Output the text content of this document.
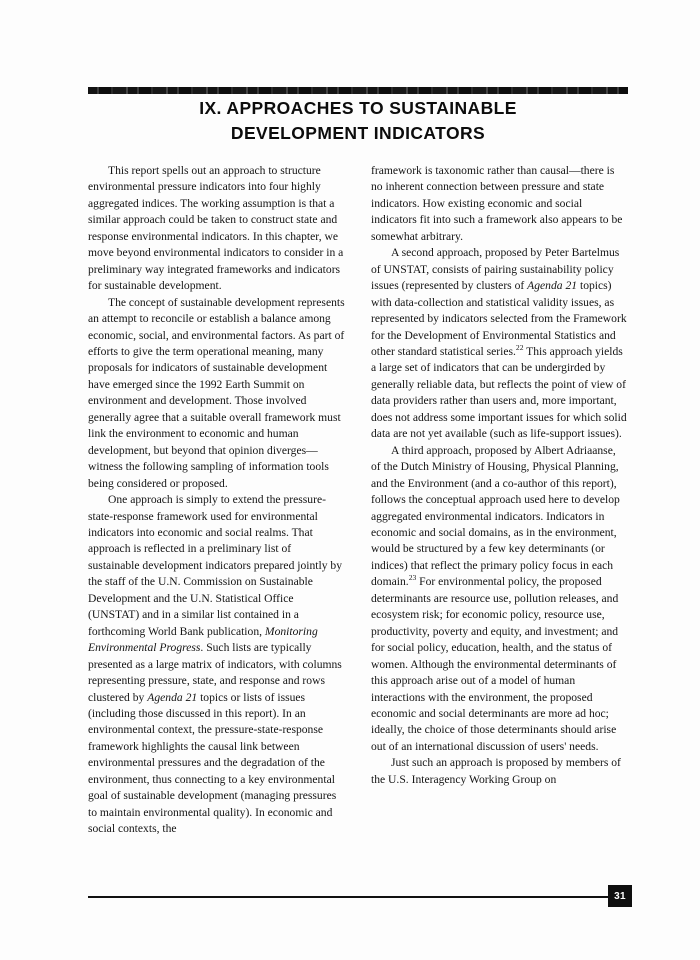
IX. APPROACHES TO SUSTAINABLE
DEVELOPMENT INDICATORS

This report spells out an approach to structure environmental pressure indicators into four highly aggregated indices. The working assumption is that a similar approach could be taken to construct state and response environmental indicators. In this chapter, we move beyond environmental indicators to consider in a preliminary way integrated frameworks and indicators for sustainable development.

The concept of sustainable development represents an attempt to reconcile or establish a balance among economic, social, and environmental factors. As part of efforts to give the term operational meaning, many proposals for indicators of sustainable development have emerged since the 1992 Earth Summit on environment and development. Those involved generally agree that a suitable overall framework must link the environment to economic and human development, but beyond that opinion diverges—witness the following sampling of information tools being considered or proposed.

One approach is simply to extend the pressure-state-response framework used for environmental indicators into economic and social realms. That approach is reflected in a preliminary list of sustainable development indicators prepared jointly by the staff of the U.N. Commission on Sustainable Development and the U.N. Statistical Office (UNSTAT) and in a similar list contained in a forthcoming World Bank publication, Monitoring Environmental Progress. Such lists are typically presented as a large matrix of indicators, with columns representing pressure, state, and response and rows clustered by Agenda 21 topics or lists of issues (including those discussed in this report). In an environmental context, the pressure-state-response framework highlights the causal link between environmental pressures and the degradation of the environment, thus connecting to a key environmental goal of sustainable development (managing pressures to maintain environmental quality). In economic and social contexts, the

framework is taxonomic rather than causal—there is no inherent connection between pressure and state indicators. How existing economic and social indicators fit into such a framework also appears to be somewhat arbitrary.

A second approach, proposed by Peter Bartelmus of UNSTAT, consists of pairing sustainability policy issues (represented by clusters of Agenda 21 topics) with data-collection and statistical validity issues, as represented by indicators selected from the Framework for the Development of Environmental Statistics and other standard statistical series.$^{22}$ This approach yields a large set of indicators that can be undergirded by generally reliable data, but reflects the point of view of data providers rather than users and, more important, does not address some important issues for which solid data are not yet available (such as life-support issues).

A third approach, proposed by Albert Adriaanse, of the Dutch Ministry of Housing, Physical Planning, and the Environment (and a co-author of this report), follows the conceptual approach used here to develop aggregated environmental indicators. Indicators in economic and social domains, as in the environment, would be structured by a few key determinants (or indices) that reflect the primary policy focus in each domain.$^{23}$ For environmental policy, the proposed determinants are resource use, pollution releases, and ecosystem risk; for economic policy, resource use, productivity, poverty and equity, and investment; and for social policy, education, health, and the status of women. Although the environmental determinants of this approach arise out of a model of human interactions with the environment, the proposed economic and social determinants are more ad hoc; ideally, the choice of those determinants should arise out of an international discussion of users' needs.

Just such an approach is proposed by members of the U.S. Interagency Working Group on

31
